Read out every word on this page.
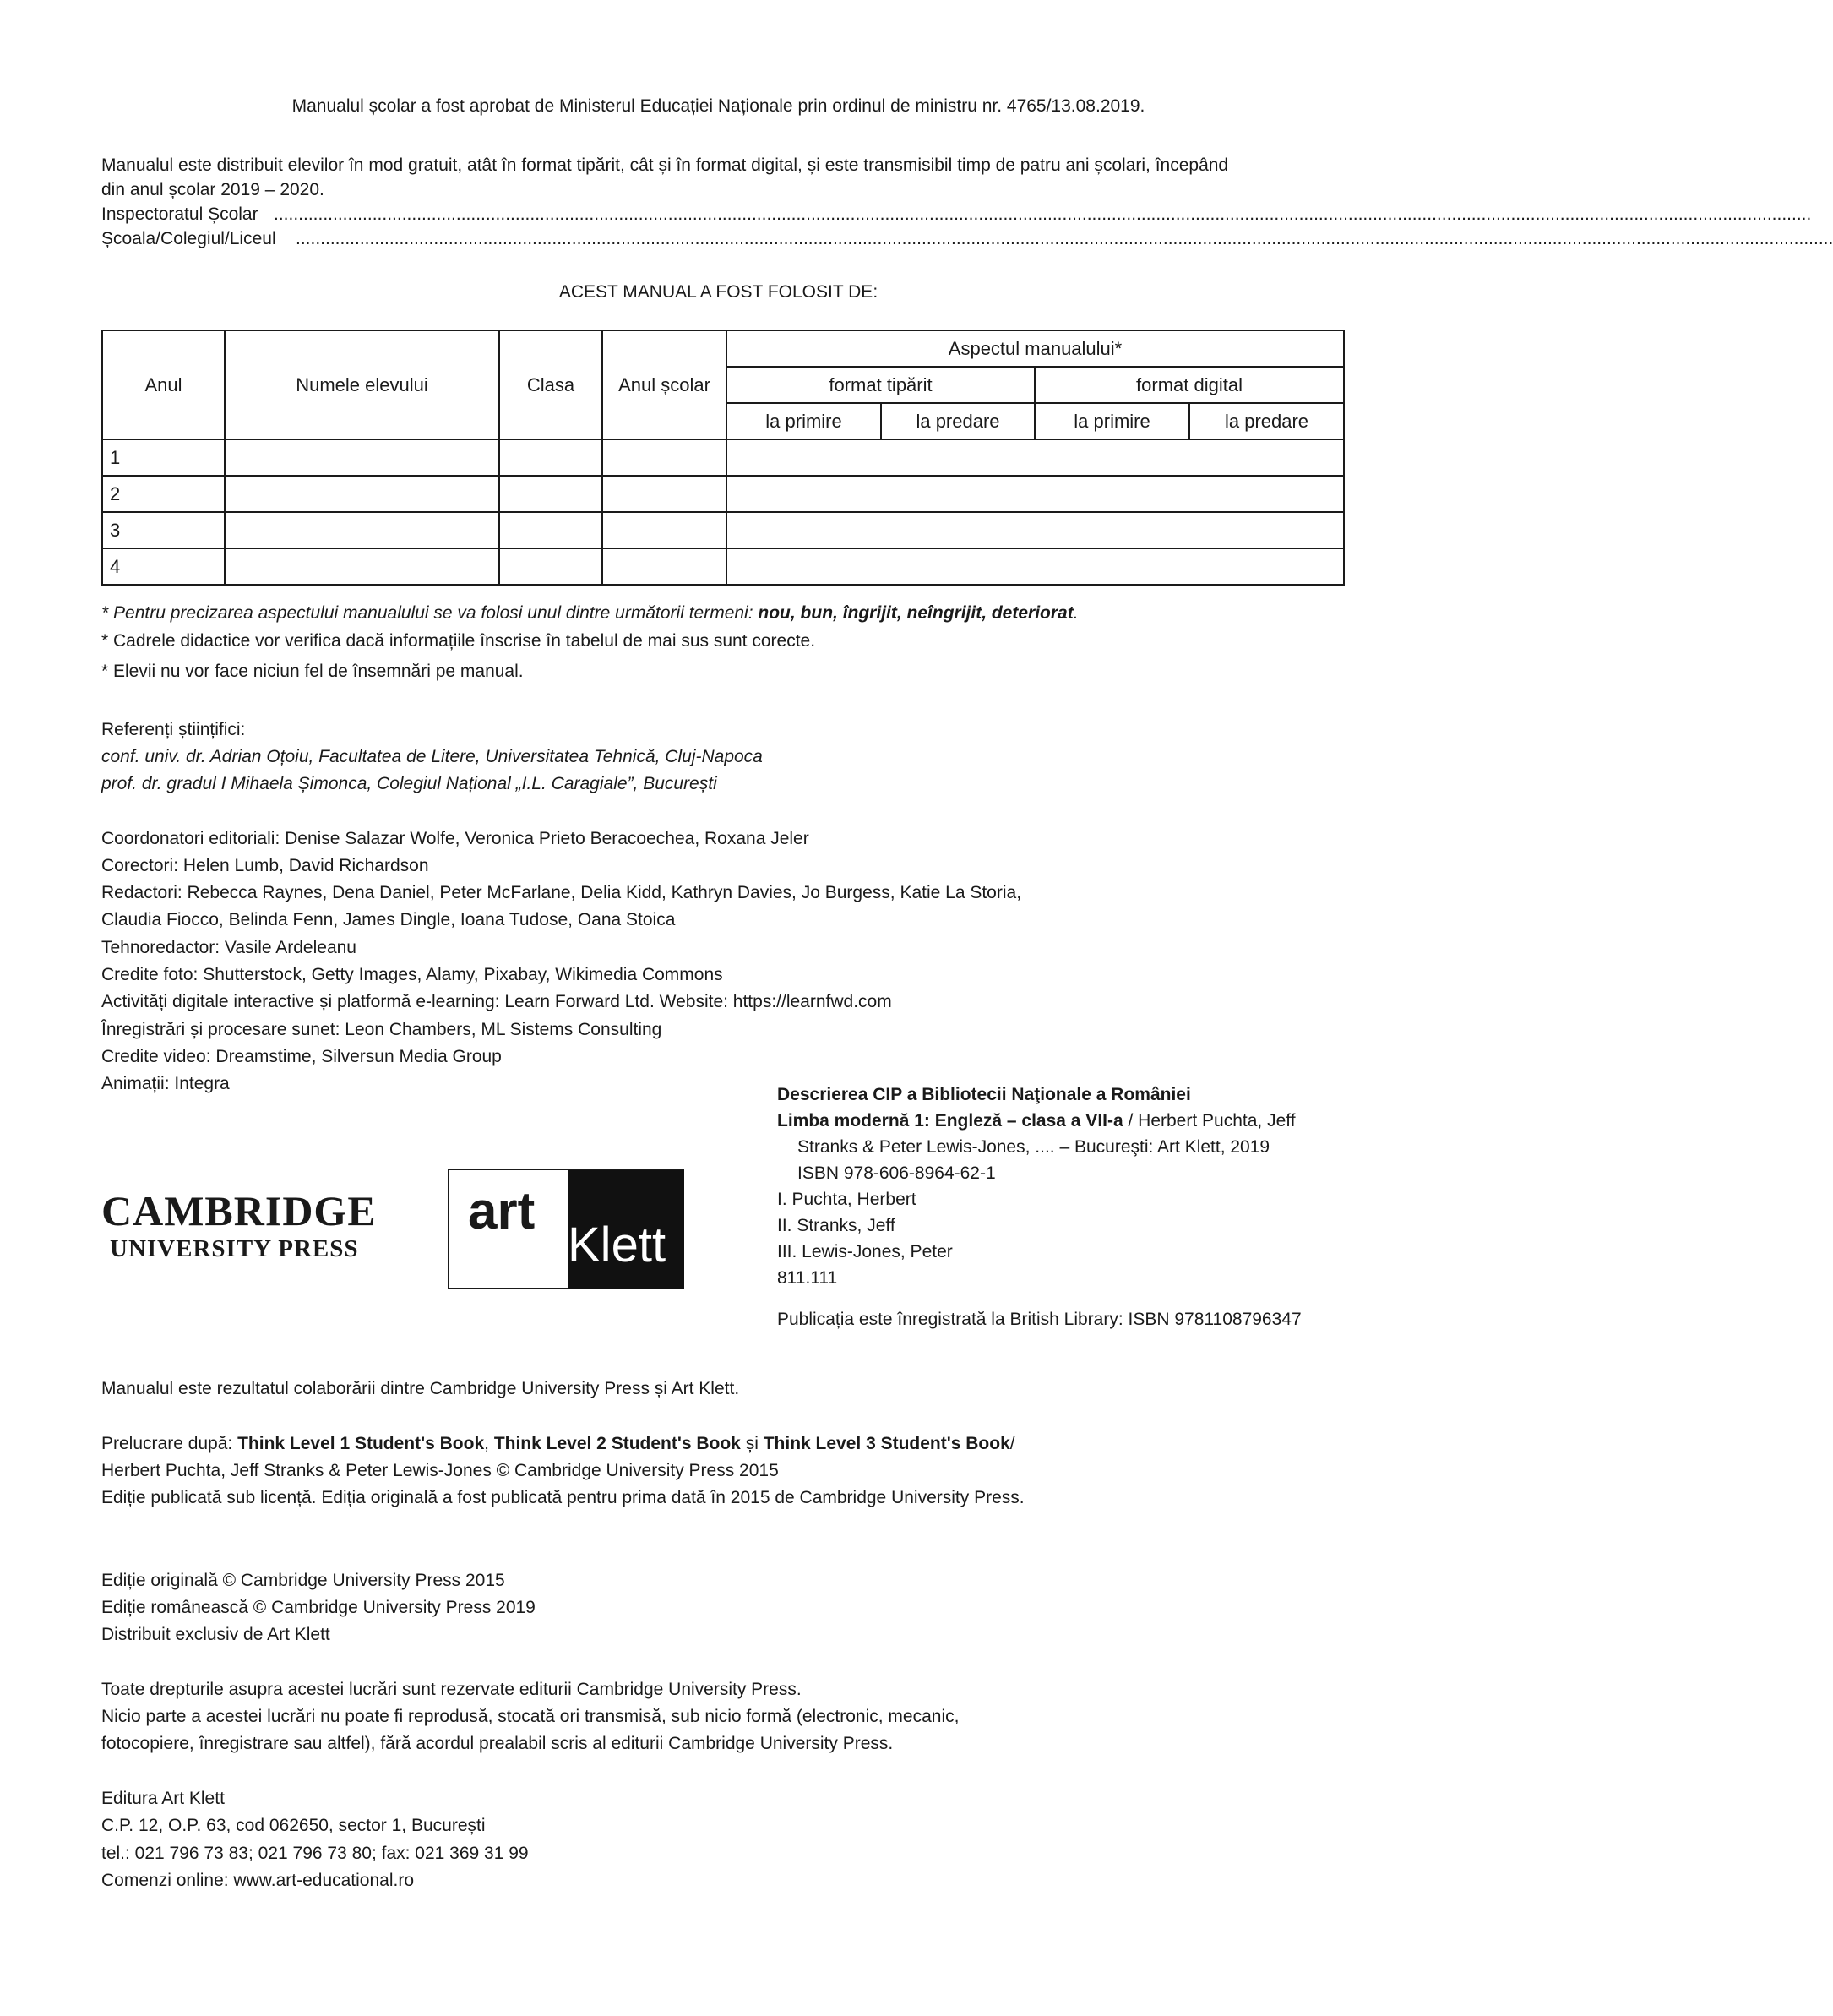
Manualul școlar a fost aprobat de Ministerul Educației Naționale prin ordinul de ministru nr. 4765/13.08.2019.
Manualul este distribuit elevilor în mod gratuit, atât în format tipărit, cât și în format digital, și este transmisibil timp de patru ani școlari, începând
din anul școlar 2019 – 2020.
Inspectoratul Școlar ........................................................................................................................................................................................................................................................................................................................
Școala/Colegiul/Liceul ........................................................................................................................................................................................................................................................................................................................
ACEST MANUAL A FOST FOLOSIT DE:
Anul	Numele elevului	Clasa	Anul școlar	Aspectul manualului*			
				format tipărit		format digital	
				la primire	la predare	la primire	la predare
1							
2							
3							
4							
* Pentru precizarea aspectului manualului se va folosi unul dintre următorii termeni: nou, bun, îngrijit, neîngrijit, deteriorat.
* Cadrele didactice vor verifica dacă informațiile înscrise în tabelul de mai sus sunt corecte.
* Elevii nu vor face niciun fel de însemnări pe manual.
Referenți științifici:
conf. univ. dr. Adrian Oțoiu, Facultatea de Litere, Universitatea Tehnică, Cluj-Napoca
prof. dr. gradul I Mihaela Șimonca, Colegiul Național „I.L. Caragiale”, București
Coordonatori editoriali: Denise Salazar Wolfe, Veronica Prieto Beracoechea, Roxana Jeler
Corectori: Helen Lumb, David Richardson
Redactori: Rebecca Raynes, Dena Daniel, Peter McFarlane, Delia Kidd, Kathryn Davies, Jo Burgess, Katie La Storia,
Claudia Fiocco, Belinda Fenn, James Dingle, Ioana Tudose, Oana Stoica
Tehnoredactor: Vasile Ardeleanu
Credite foto: Shutterstock, Getty Images, Alamy, Pixabay, Wikimedia Commons
Activități digitale interactive și platformă e-learning: Learn Forward Ltd. Website: https://learnfwd.com
Înregistrări și procesare sunet: Leon Chambers, ML Sistems Consulting
Credite video: Dreamstime, Silversun Media Group
Animații: Integra
Descrierea CIP a Bibliotecii Naţionale a României
Limba modernă 1: Engleză – clasa a VII-a / Herbert Puchta, Jeff
Stranks & Peter Lewis-Jones, .... – Bucureşti: Art Klett, 2019
ISBN 978-606-8964-62-1
I. Puchta, Herbert
II. Stranks, Jeff
III. Lewis-Jones, Peter
811.111
Publicația este înregistrată la British Library: ISBN 9781108796347
CAMBRIDGE
UNIVERSITY PRESS
art
Klett
Manualul este rezultatul colaborării dintre Cambridge University Press și Art Klett.
Prelucrare după: Think Level 1 Student's Book, Think Level 2 Student's Book și Think Level 3 Student's Book/
Herbert Puchta, Jeff Stranks & Peter Lewis-Jones © Cambridge University Press 2015
Ediție publicată sub licență. Ediția originală a fost publicată pentru prima dată în 2015 de Cambridge University Press.
Ediție originală © Cambridge University Press 2015
Ediție românească © Cambridge University Press 2019
Distribuit exclusiv de Art Klett
Toate drepturile asupra acestei lucrări sunt rezervate editurii Cambridge University Press.
Nicio parte a acestei lucrări nu poate fi reprodusă, stocată ori transmisă, sub nicio formă (electronic, mecanic,
fotocopiere, înregistrare sau altfel), fără acordul prealabil scris al editurii Cambridge University Press.
Editura Art Klett
C.P. 12, O.P. 63, cod 062650, sector 1, București
tel.: 021 796 73 83; 021 796 73 80; fax: 021 369 31 99
Comenzi online: www.art-educational.ro
